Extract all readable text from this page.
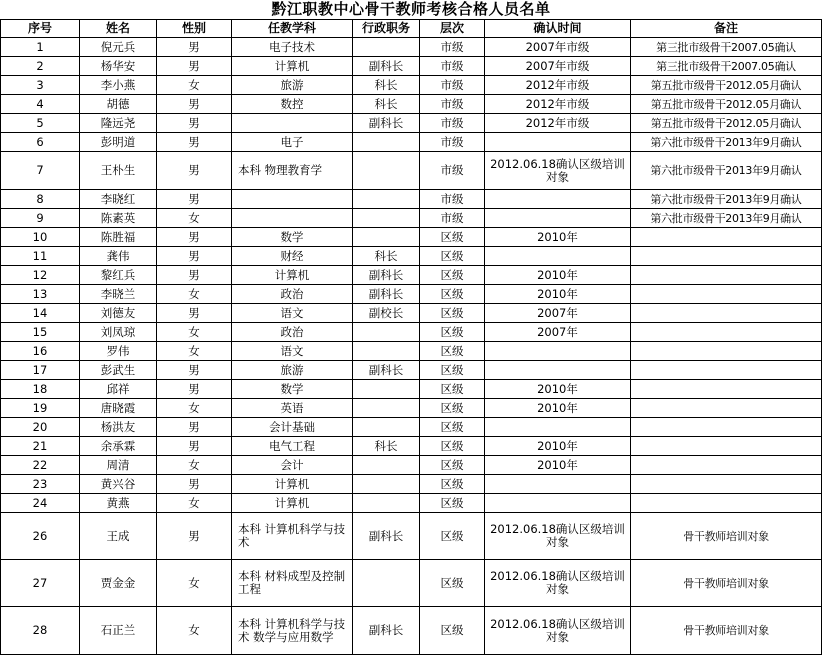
黔江职教中心骨干教师考核合格人员名单
序号	姓名	性别	任教学科	行政职务	层次	确认时间	备注
1	倪元兵	男	电子技术		市级	2007年市级	第三批市级骨干2007.05确认
2	杨华安	男	计算机	副科长	市级	2007年市级	第三批市级骨干2007.05确认
3	李小燕	女	旅游	科长	市级	2012年市级	第五批市级骨干2012.05月确认
4	胡德	男	数控	科长	市级	2012年市级	第五批市级骨干2012.05月确认
5	隆远尧	男		副科长	市级	2012年市级	第五批市级骨干2012.05月确认
6	彭明道	男	电子		市级		第六批市级骨干2013年9月确认
7	王朴生	男	本科 物理教育学		市级	2012.06.18确认区级培训对象	第六批市级骨干2013年9月确认
8	李晓红	男			市级		第六批市级骨干2013年9月确认
9	陈素英	女			市级		第六批市级骨干2013年9月确认
10	陈胜福	男	数学		区级	2010年	
11	龚伟	男	财经	科长	区级		
12	黎红兵	男	计算机	副科长	区级	2010年	
13	李晓兰	女	政治	副科长	区级	2010年	
14	刘德友	男	语文	副校长	区级	2007年	
15	刘凤琼	女	政治		区级	2007年	
16	罗伟	女	语文		区级		
17	彭武生	男	旅游	副科长	区级		
18	邱祥	男	数学		区级	2010年	
19	唐晓霞	女	英语		区级	2010年	
20	杨洪友	男	会计基础		区级		
21	余承霖	男	电气工程	科长	区级	2010年	
22	周清	女	会计		区级	2010年	
23	黄兴谷	男	计算机		区级		
24	黄燕	女	计算机		区级		
26	王成	男	本科 计算机科学与技术	副科长	区级	2012.06.18确认区级培训对象	骨干教师培训对象
27	贾金金	女	本科 材料成型及控制工程		区级	2012.06.18确认区级培训对象	骨干教师培训对象
28	石正兰	女	本科 计算机科学与技术 数学与应用数学	副科长	区级	2012.06.18确认区级培训对象	骨干教师培训对象
